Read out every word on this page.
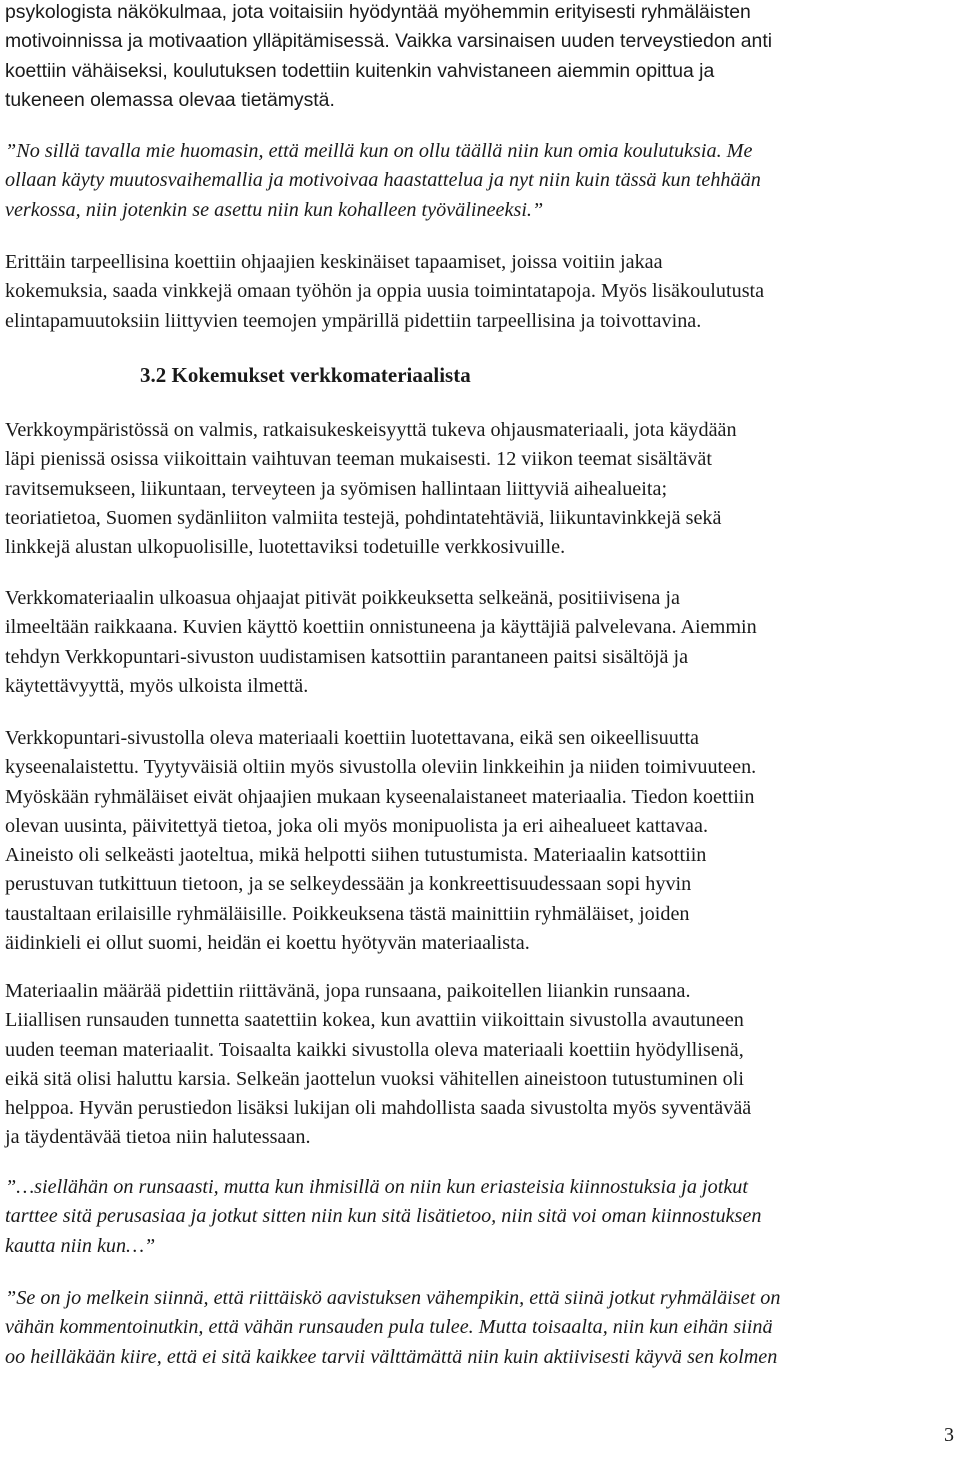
psykologista näkökulmaa, jota voitaisiin hyödyntää myöhemmin erityisesti ryhmäläisten
motivoinnissa ja motivaation ylläpitämisessä. Vaikka varsinaisen uuden terveystiedon anti
koettiin vähäiseksi, koulutuksen todettiin kuitenkin vahvistaneen aiemmin opittua ja
tukeneen olemassa olevaa tietämystä.

”No sillä tavalla mie huomasin, että meillä kun on ollu täällä niin kun omia koulutuksia. Me
ollaan käyty muutosvaihemallia ja motivoivaa haastattelua ja nyt niin kuin tässä kun tehhään
verkossa, niin jotenkin se asettu niin kun kohalleen työvälineeksi.”

Erittäin tarpeellisina koettiin ohjaajien keskinäiset tapaamiset, joissa voitiin jakaa
kokemuksia, saada vinkkejä omaan työhön ja oppia uusia toimintatapoja. Myös lisäkoulutusta
elintapamuutoksiin liittyvien teemojen ympärillä pidettiin tarpeellisina ja toivottavina.

3.2 Kokemukset verkkomateriaalista

Verkkoympäristössä on valmis, ratkaisukeskeisyyttä tukeva ohjausmateriaali, jota käydään
läpi pienissä osissa viikoittain vaihtuvan teeman mukaisesti. 12 viikon teemat sisältävät
ravitsemukseen, liikuntaan, terveyteen ja syömisen hallintaan liittyviä aihealueita;
teoriatietoa, Suomen sydänliiton valmiita testejä, pohdintatehtäviä, liikuntavinkkejä sekä
linkkejä alustan ulkopuolisille, luotettaviksi todetuille verkkosivuille.

Verkkomateriaalin ulkoasua ohjaajat pitivät poikkeuksetta selkeänä, positiivisena ja
ilmeeltään raikkaana. Kuvien käyttö koettiin onnistuneena ja käyttäjiä palvelevana. Aiemmin
tehdyn Verkkopuntari-sivuston uudistamisen katsottiin parantaneen paitsi sisältöjä ja
käytettävyyttä, myös ulkoista ilmettä.

Verkkopuntari-sivustolla oleva materiaali koettiin luotettavana, eikä sen oikeellisuutta
kyseenalaistettu. Tyytyväisiä oltiin myös sivustolla oleviin linkkeihin ja niiden toimivuuteen.
Myöskään ryhmäläiset eivät ohjaajien mukaan kyseenalaistaneet materiaalia. Tiedon koettiin
olevan uusinta, päivitettyä tietoa, joka oli myös monipuolista ja eri aihealueet kattavaa.
Aineisto oli selkeästi jaoteltua, mikä helpotti siihen tutustumista. Materiaalin katsottiin
perustuvan tutkittuun tietoon, ja se selkeydessään ja konkreettisuudessaan sopi hyvin
taustaltaan erilaisille ryhmäläisille. Poikkeuksena tästä mainittiin ryhmäläiset, joiden
äidinkieli ei ollut suomi, heidän ei koettu hyötyvän materiaalista.

Materiaalin määrää pidettiin riittävänä, jopa runsaana, paikoitellen liiankin runsaana.
Liiallisen runsauden tunnetta saatettiin kokea, kun avattiin viikoittain sivustolla avautuneen
uuden teeman materiaalit. Toisaalta kaikki sivustolla oleva materiaali koettiin hyödyllisenä,
eikä sitä olisi haluttu karsia. Selkeän jaottelun vuoksi vähitellen aineistoon tutustuminen oli
helppoa. Hyvän perustiedon lisäksi lukijan oli mahdollista saada sivustolta myös syventävää
ja täydentävää tietoa niin halutessaan.

”…siellähän on runsaasti, mutta kun ihmisillä on niin kun eriasteisia kiinnostuksia ja jotkut
tarttee sitä perusasiaa ja jotkut sitten niin kun sitä lisätietoo, niin sitä voi oman kiinnostuksen
kautta niin kun…”

”Se on jo melkein siinnä, että riittäiskö aavistuksen vähempikin, että siinä jotkut ryhmäläiset on
vähän kommentoinutkin, että vähän runsauden pula tulee. Mutta toisaalta, niin kun eihän siinä
oo heilläkään kiire, että ei sitä kaikkee tarvii välttämättä niin kuin aktiivisesti käyvä sen kolmen

3
